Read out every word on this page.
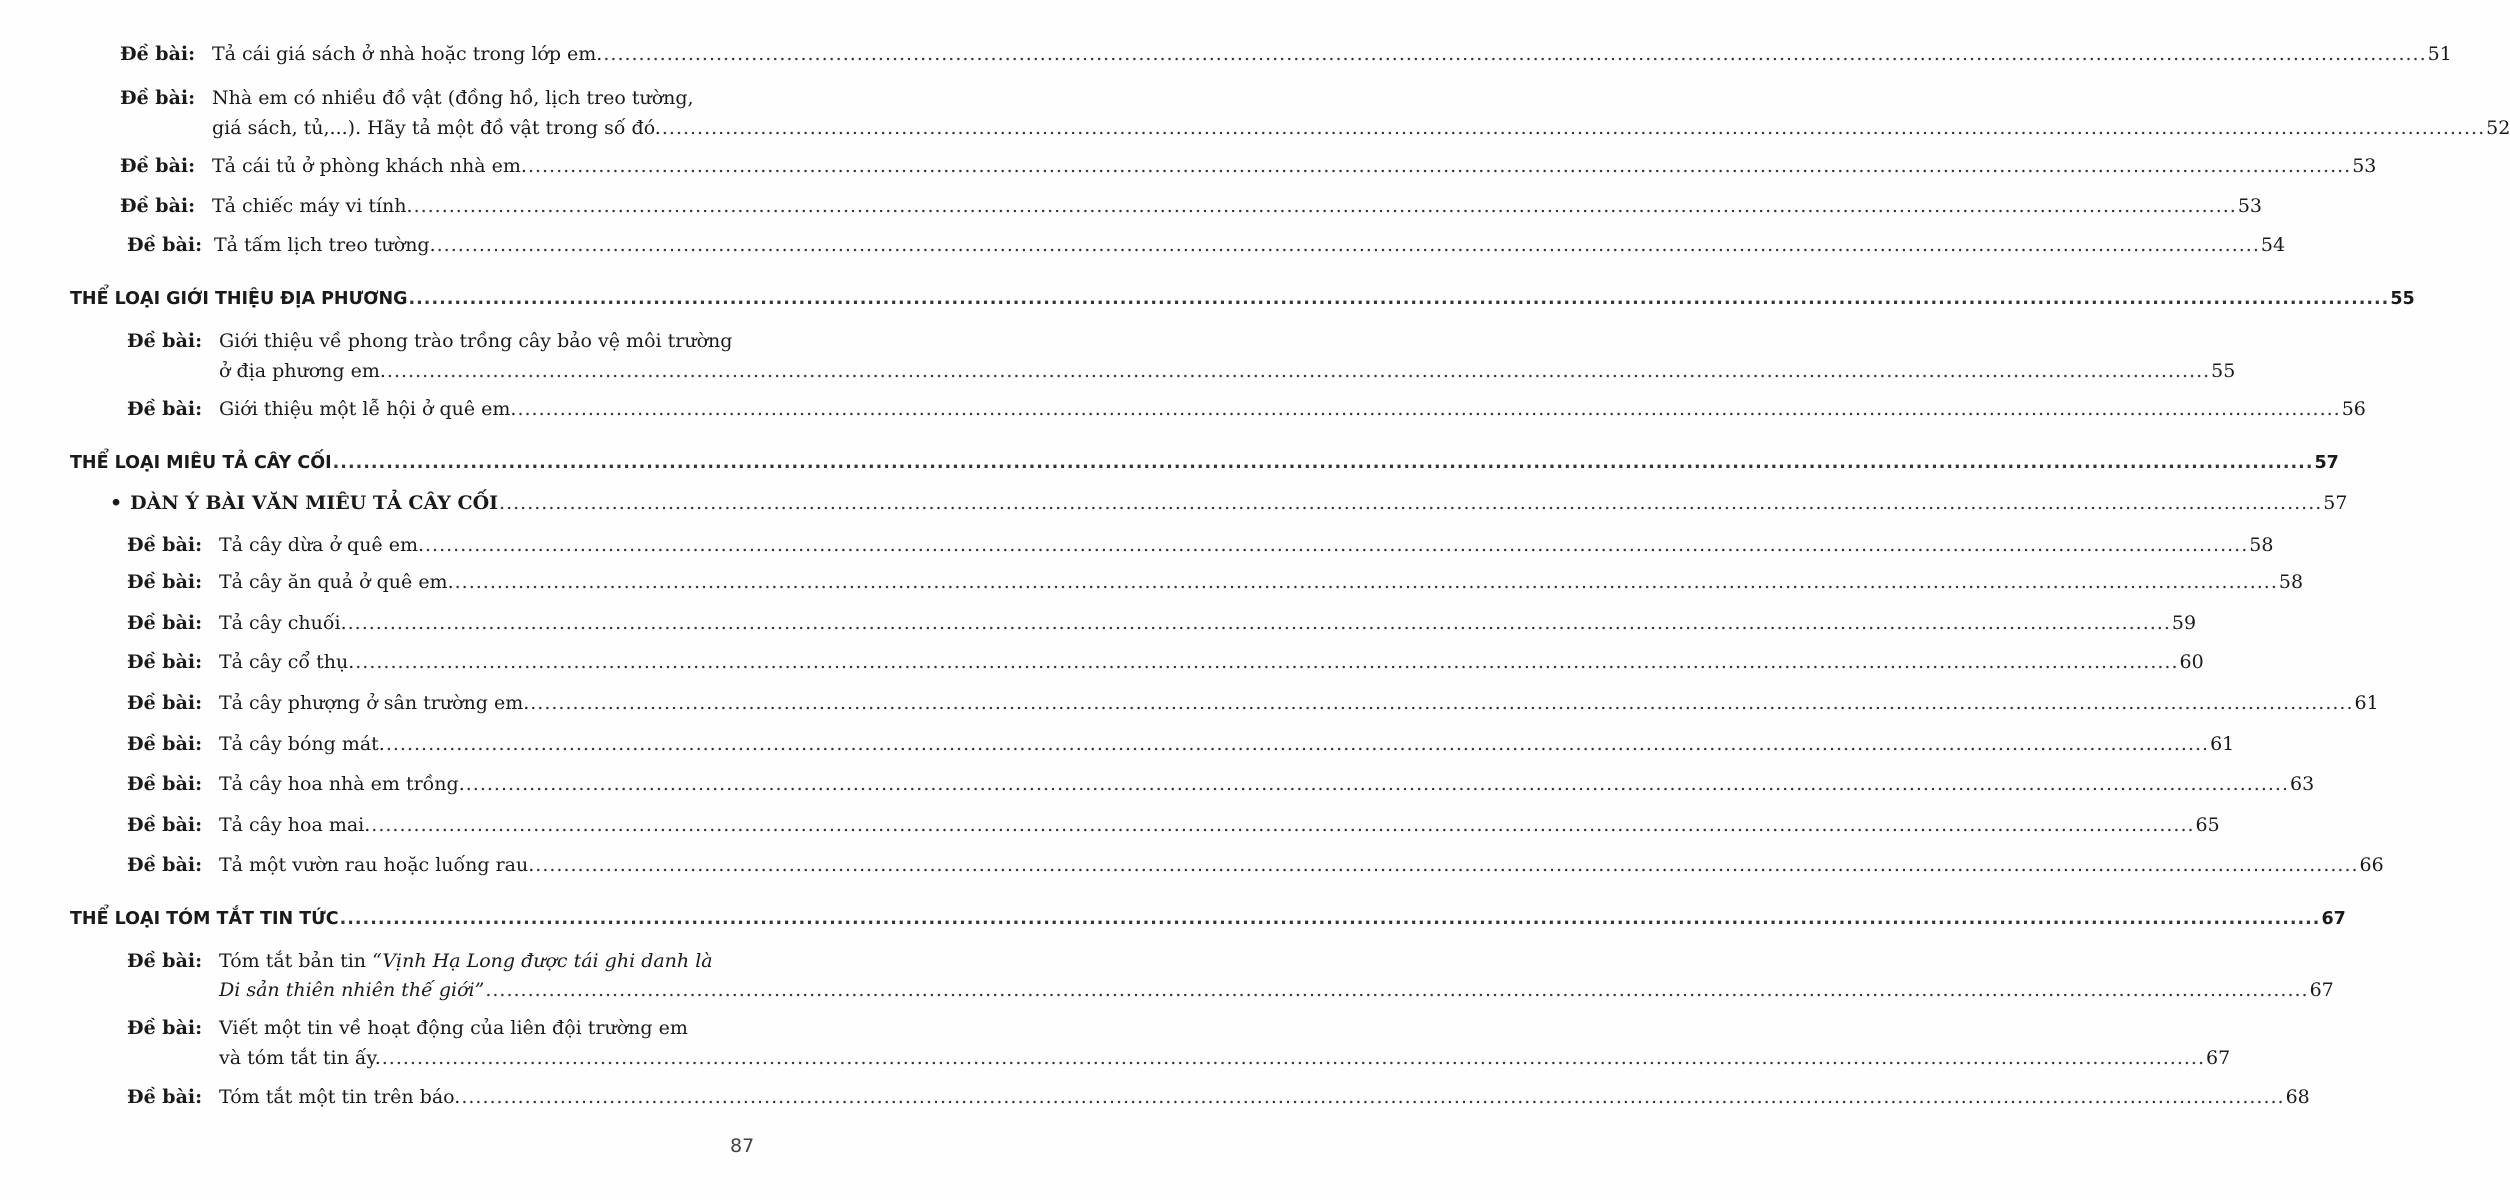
Đề bài: Tả cái giá sách ở nhà hoặc trong lớp em. ................................................................................................................................................................................................................................................................... 51
Đề bài: Nhà em có nhiều đồ vật (đồng hồ, lịch treo tường,
giá sách, tủ,...). Hãy tả một đồ vật trong số đó. ................................................................................................................................................................................................................................................................... 52
Đề bài: Tả cái tủ ở phòng khách nhà em. ................................................................................................................................................................................................................................................................... 53
Đề bài: Tả chiếc máy vi tính. ................................................................................................................................................................................................................................................................... 53
Đề bài: Tả tấm lịch treo tường. ................................................................................................................................................................................................................................................................... 54
THỂ LOẠI GIỚI THIỆU ĐỊA PHƯƠNG ................................................................................................................................................................................................................................................................... 55
Đề bài: Giới thiệu về phong trào trồng cây bảo vệ môi trường
ở địa phương em. ................................................................................................................................................................................................................................................................... 55
Đề bài: Giới thiệu một lễ hội ở quê em. ................................................................................................................................................................................................................................................................... 56
THỂ LOẠI MIÊU TẢ CÂY CỐI ................................................................................................................................................................................................................................................................... 57
• DÀN Ý BÀI VĂN MIÊU TẢ CÂY CỐI ................................................................................................................................................................................................................................................................... 57
Đề bài: Tả cây dừa ở quê em. ................................................................................................................................................................................................................................................................... 58
Đề bài: Tả cây ăn quả ở quê em. ................................................................................................................................................................................................................................................................... 58
Đề bài: Tả cây chuối. ................................................................................................................................................................................................................................................................... 59
Đề bài: Tả cây cổ thụ. ................................................................................................................................................................................................................................................................... 60
Đề bài: Tả cây phượng ở sân trường em. ................................................................................................................................................................................................................................................................... 61
Đề bài: Tả cây bóng mát. ................................................................................................................................................................................................................................................................... 61
Đề bài: Tả cây hoa nhà em trồng. ................................................................................................................................................................................................................................................................... 63
Đề bài: Tả cây hoa mai. ................................................................................................................................................................................................................................................................... 65
Đề bài: Tả một vườn rau hoặc luống rau. ................................................................................................................................................................................................................................................................... 66
THỂ LOẠI TÓM TẮT TIN TỨC ................................................................................................................................................................................................................................................................... 67
Đề bài: Tóm tắt bản tin “Vịnh Hạ Long được tái ghi danh là
Di sản thiên nhiên thế giới” ................................................................................................................................................................................................................................................................... 67
Đề bài: Viết một tin về hoạt động của liên đội trường em
và tóm tắt tin ấy. ................................................................................................................................................................................................................................................................... 67
Đề bài: Tóm tắt một tin trên báo. ................................................................................................................................................................................................................................................................... 68
87
